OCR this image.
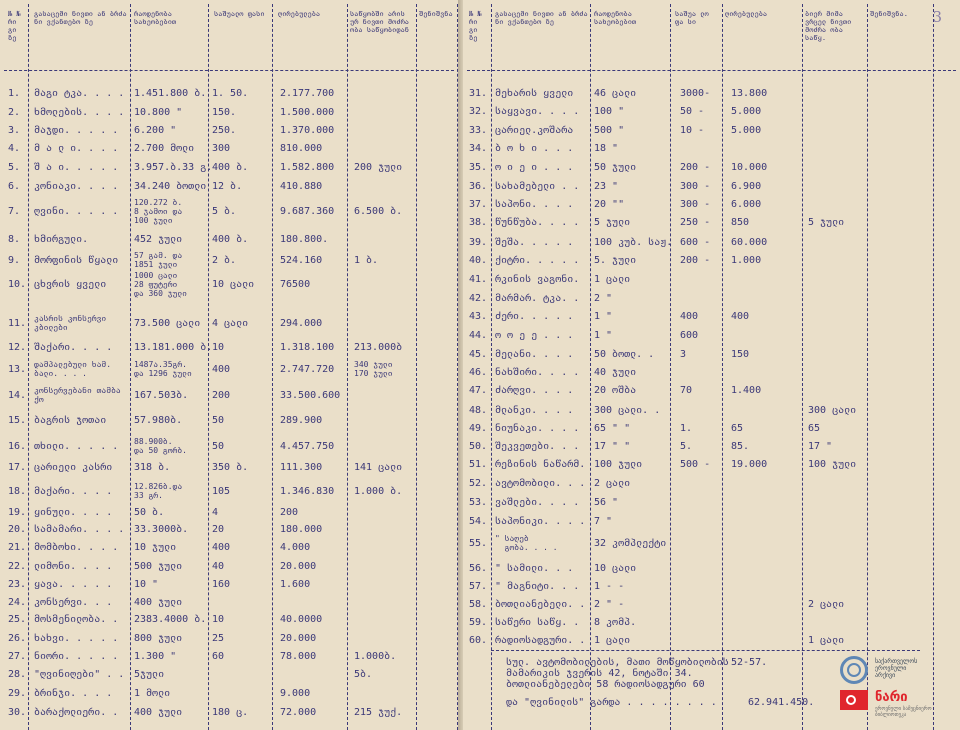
№ № რი გი ზე
გასაცემი ნივთი ან ბრძა ნი ვქანთებო ზე
რაოდენობა სახეობებით
საშუალო ფასი	ღირებულება	საწყობში არის ურ ნივთი მოძრა ობა საწყობიდან
შენიშვნა
1. მაგი ტკა. . . . 1.451.800 ბ. 1. 50.	2.177.700
2. ხმოლების. . . . 10.800 "	150.	1.500.000
3. მაჯდი. . . . . 6.200 "	250.	1.370.000
4. მ ა ლ ი. . . . 2.700 მოლი 300	810.000
5. შ ა ი. . . . . 3.957.ბ.33 გ. 400 ბ.	1.582.800 200 ჯული
6. კონიაკი. . . . 34.240 ბოთლი 12 ბ.	410.880
7. ღვინი. . . . .
120.272 ბ.
8 ჯამოი და
100 ჯული
5 ბ.	9.687.360 6.500 ბ.
8. ხმირგული.	452 ჯული	400 ბ.	180.800.
9. მორფინის წყალი 57 გამ. და
1851 ჯული	2 ბ.	524.160	1 ბ.
10. ცხვრის ყველი
1000 ცალი
28 ფუტერი
და 360 ჯული
10 ცალი	76500
11. კასრის კონსერვი
კბილები	73.500 ცალი 4 ცალი	294.000
12. შაქარი. . . . 13.181.000 ბ. 10	1.318.100 213.000ბ
13. დამპალებული ხამ.
ბალი. . . .
1487ა.35გრ.
და 1296 ჯული 400	2.747.720 340 ჯული
170 ჯული
14. კონსერვებანი თამბა
ქო	167.503ბ. 200	33.500.600
15. ბაგრის ჯოთაი	57.980ბ.	50	289.900
16. თხილი. . . . . 88.900ბ.
და 50 გორბ.	50	4.457.750
17. ცარიელი კასრი 318 ბ.	350 ბ.	111.300	141 ცალი
18. მაქარი. . . .	12.826ბ.და
33 გრ.	105	1.346.830 1.000 ბ.
19. ყინული. . . . 50 ბ.	4	200
20. სამამარი. . . . 33.3000ბ. 20	180.000
21. მომბოხი. . . . 10 ჯული	400	4.000
22. ლიმონი. . . . 500 ჯული	40	20.000
23. ყავა. . . . . 10 "	160	1.600
24. კონსერვი. . . 400 ჯული
25. მოსმენილობა. . 2383.4000 ბ. 10	40.0000
26. ხახვი. . . . . 800 ჯული	25	20.000
27. ნიორი. . . . . 1.300 "	60	78.000	1.000ბ.
28. "ღვინიღები" . . 5ჯული	5ბ.
29. ბრინჯი. . . . 1 მოლი	9.000
30. ბარაქოლიერი. . 400 ჯული	180 ც.	72.000	215 ჯუქ.
3
№ № რი გი ზე
გასაცემი ნივთი ან ბრძა ნი ვქანთებო ზე
რაოდენობა სახეობებით
საშუა ლო ფა სი
ღირებულება	ბიერ მიმა ვრცელ ნივთი მოძრა ობა საწყ.
შენიშვნა.
31. მეხარის ყველი 46 ცალი	3000- 13.800
32. საყვავი. . . . 100 "	50 -	5.000
33. ცარიელ.კოშარა 500 "	10 -	5.000
34. ბ ო ხ ი . . . 18 "
35. ო ი ე ი . . . 50 ჯული	200 - 10.000
36. სახამებელი . . 23 "	300 - 6.900
37. საპონი. . . . 20 ""	300 - 6.000
38. წუნწუბა. . . . 5 ჯული	250 - 850	5 ჯული
39. შეშა. . . . . 100 კუბ. საჟ. 600 - 60.000
40. ქიტრი. . . . . 5. ჯული	200 - 1.000
41. რკინის ვაგონი. 1 ცალი
42. მარმარ. ტკა. . 2 "
43. ძერი. . . . . 1 "	400	400
44. ო ო ე ე . . . 1 "	600
45. მელანი. . . . 50 ბოთლ. .	3	150
46. ნახშირი. . . . 40 ჯული
47. ძარღვი. . . . 20 ოშბა	70	1.400
48. მლანკი. . . . 300 ცალი. .	300 ცალი
49. ნიუნაკი. . . . 65 " "	1.	65	65
50. შეკვეთები. . . 17 " "	5.	85.	17 "
51. რეზინის ნაწარმ. 100 ჯული	500 - 19.000	100 ჯული
52. ავტომობილი. . . 2 ცალი
53. ვაშლები. . . . 56 "
54. საპონიკი. . . . 7 "
55. " საღებ
გობა. . . .	32 კომპლექტი
56. " სამილი. . . 10 ცალი
57. " მაგნიტი. . . 1 - -
58. ბოთლიანებელი. . 2 " -	2 ცალი
59. საწერი საწყ. . 8 კომპ.
60. რადიოსადგური. . 1 ცალი	1 ცალი
სულ. ავტომობილების, მათი მოწყობილობის
მამარიკის ჯვერის 42, ნოტაში 34.
ბოთლიანებელები 58 რადიოსადგური 60
52-57.
და "ღვინილის" გარდა . . . . . . . .	62.941.450.
საქართველოს
ეროვნული
არქივი
ნარი
ეროვნული სამეცნიერო
ბიბლიოთეკა
